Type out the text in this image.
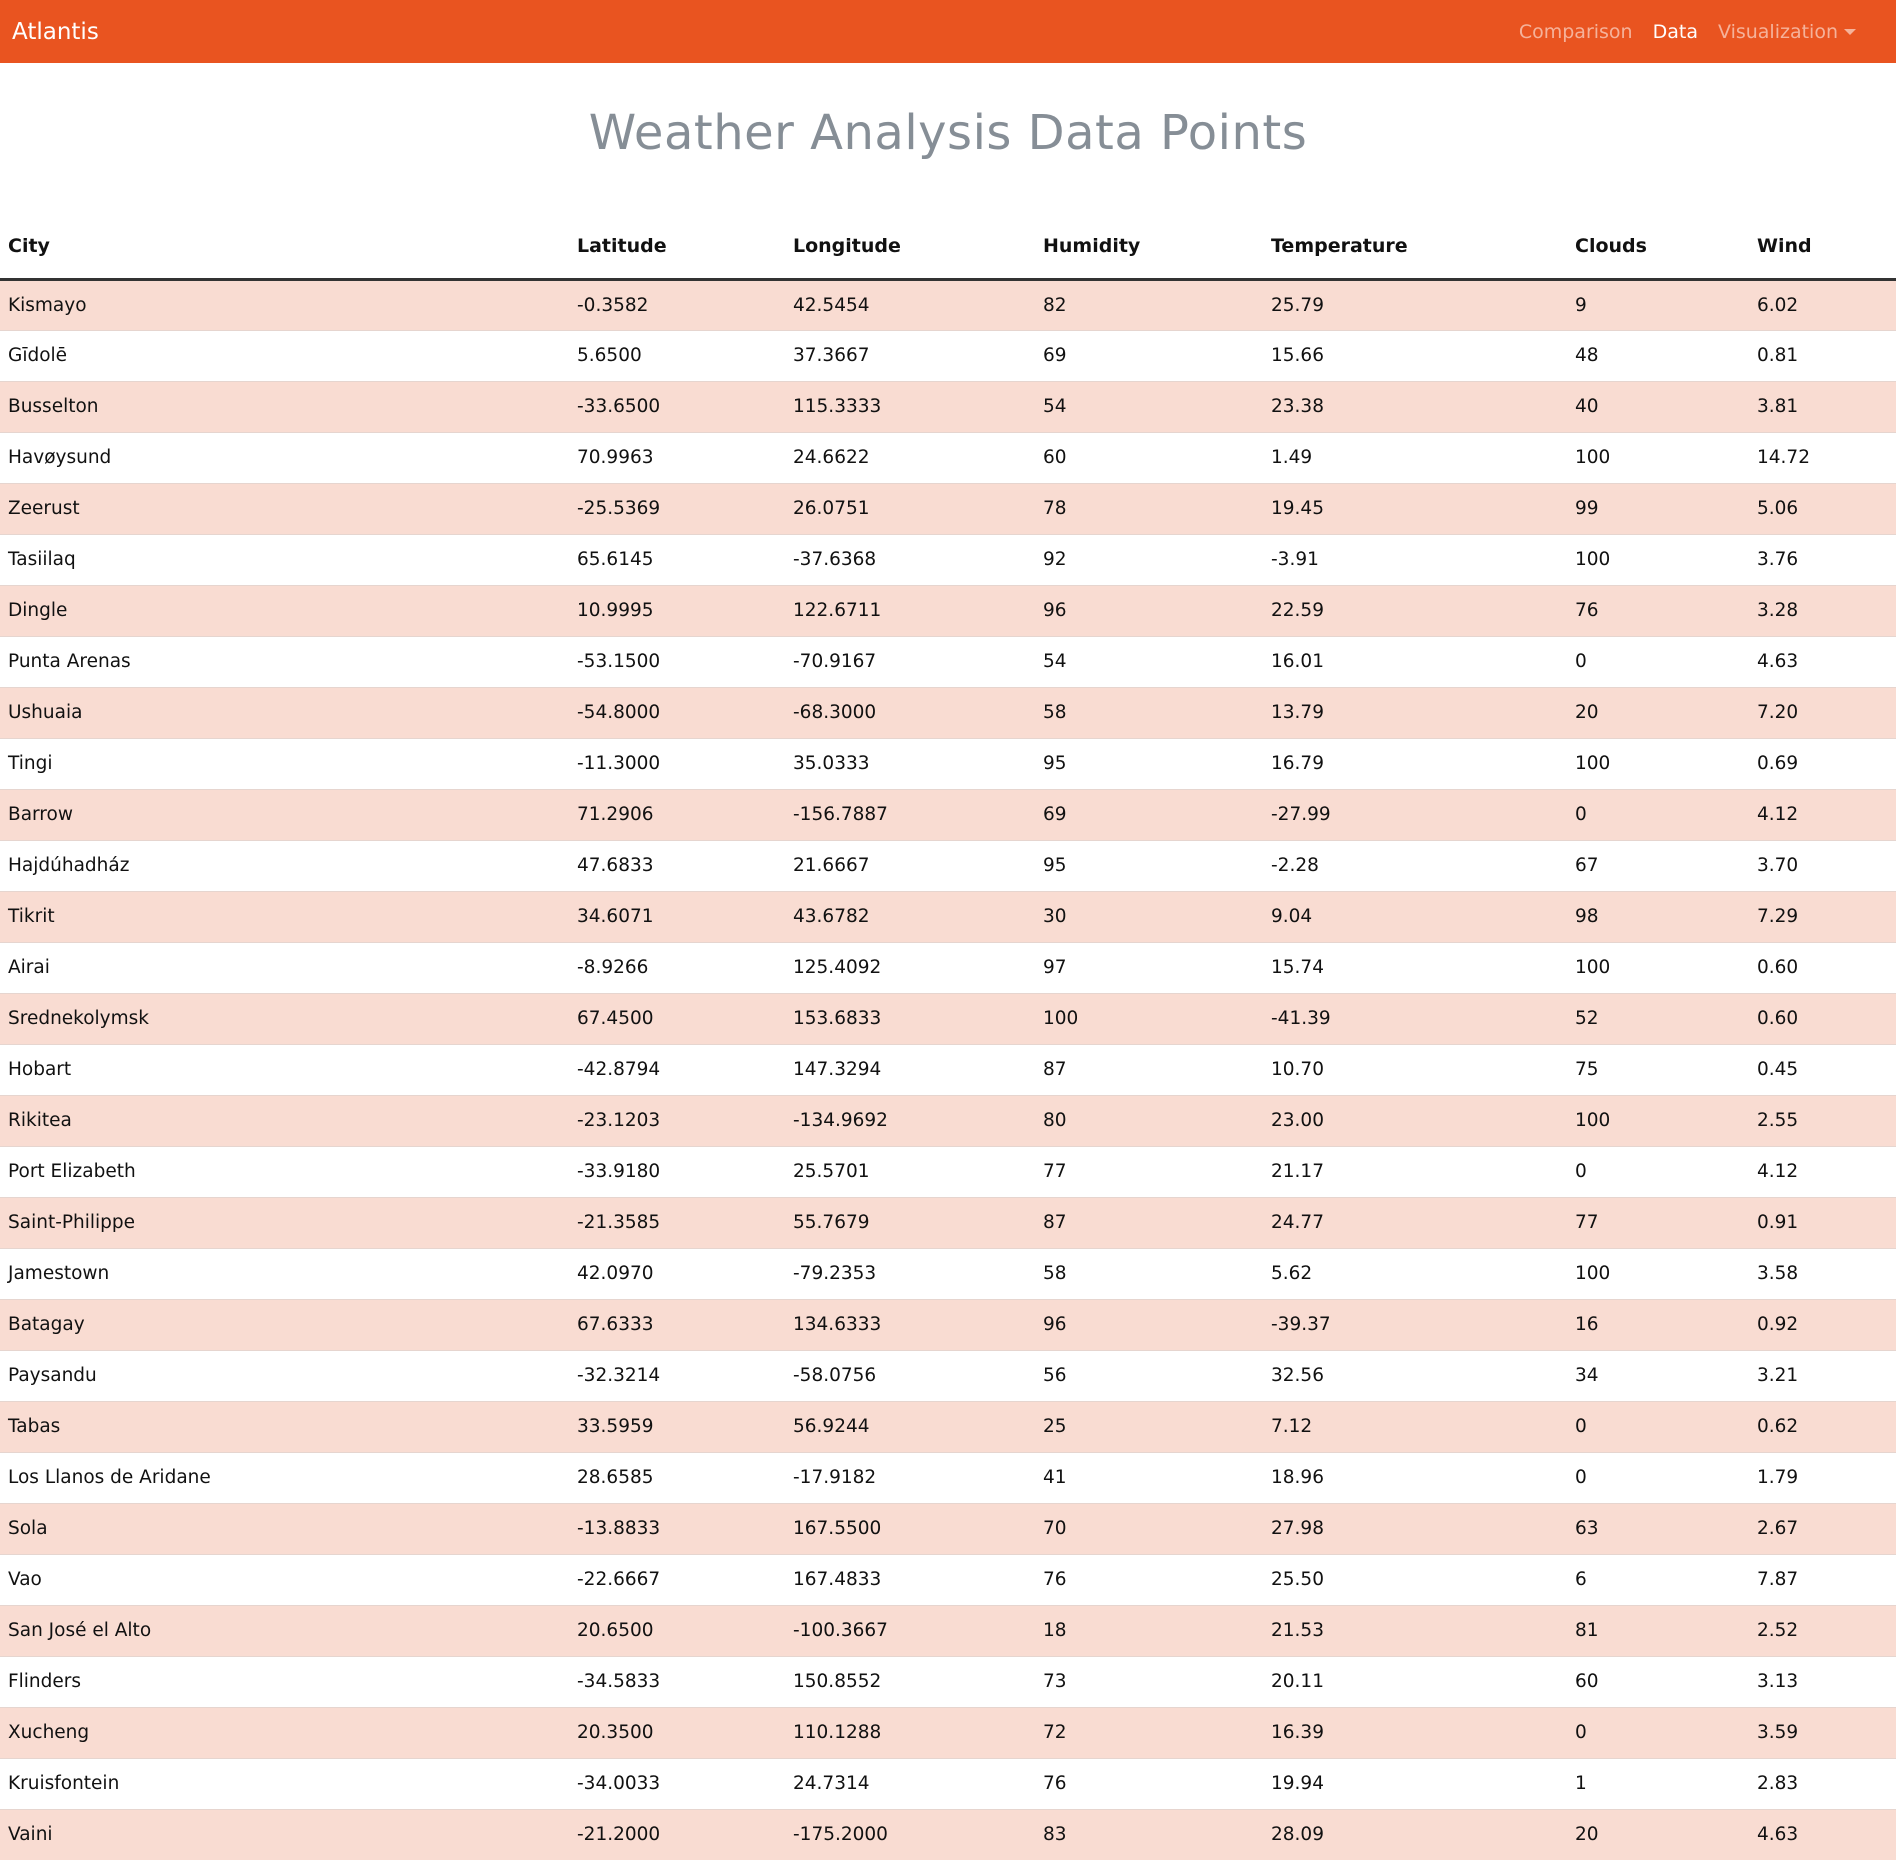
Atlantis	Comparison Data Visualization
Weather Analysis Data Points
City	Latitude	Longitude	Humidity	Temperature	Clouds	Wind
Kismayo	-0.3582	42.5454	82	25.79	9	6.02
Gīdolē	5.6500	37.3667	69	15.66	48	0.81
Busselton	-33.6500	115.3333	54	23.38	40	3.81
Havøysund	70.9963	24.6622	60	1.49	100	14.72
Zeerust	-25.5369	26.0751	78	19.45	99	5.06
Tasiilaq	65.6145	-37.6368	92	-3.91	100	3.76
Dingle	10.9995	122.6711	96	22.59	76	3.28
Punta Arenas	-53.1500	-70.9167	54	16.01	0	4.63
Ushuaia	-54.8000	-68.3000	58	13.79	20	7.20
Tingi	-11.3000	35.0333	95	16.79	100	0.69
Barrow	71.2906	-156.7887	69	-27.99	0	4.12
Hajdúhadház	47.6833	21.6667	95	-2.28	67	3.70
Tikrit	34.6071	43.6782	30	9.04	98	7.29
Airai	-8.9266	125.4092	97	15.74	100	0.60
Srednekolymsk	67.4500	153.6833	100	-41.39	52	0.60
Hobart	-42.8794	147.3294	87	10.70	75	0.45
Rikitea	-23.1203	-134.9692	80	23.00	100	2.55
Port Elizabeth	-33.9180	25.5701	77	21.17	0	4.12
Saint-Philippe	-21.3585	55.7679	87	24.77	77	0.91
Jamestown	42.0970	-79.2353	58	5.62	100	3.58
Batagay	67.6333	134.6333	96	-39.37	16	0.92
Paysandu	-32.3214	-58.0756	56	32.56	34	3.21
Tabas	33.5959	56.9244	25	7.12	0	0.62
Los Llanos de Aridane	28.6585	-17.9182	41	18.96	0	1.79
Sola	-13.8833	167.5500	70	27.98	63	2.67
Vao	-22.6667	167.4833	76	25.50	6	7.87
San José el Alto	20.6500	-100.3667	18	21.53	81	2.52
Flinders	-34.5833	150.8552	73	20.11	60	3.13
Xucheng	20.3500	110.1288	72	16.39	0	3.59
Kruisfontein	-34.0033	24.7314	76	19.94	1	2.83
Vaini	-21.2000	-175.2000	83	28.09	20	4.63
